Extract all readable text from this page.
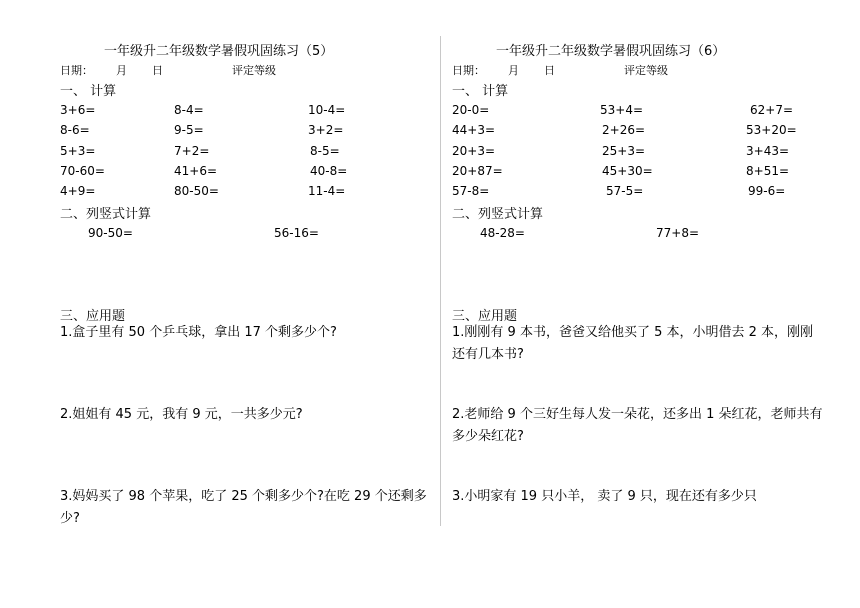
一年级升二年级数学暑假巩固练习（5）
日期： 月 日	评定等级
一、 计算
3+6=	8-4=	10-4=
8-6=	9-5=	3+2=
5+3=	7+2=	8-5=
70-60=	41+6=	40-8=
4+9=	80-50=	11-4=
二、列竖式计算
90-50=	56-16=
三、应用题
1.盒子里有 50 个乒乓球，拿出 17 个剩多少个?
2.姐姐有 45 元，我有 9 元，一共多少元?
3.妈妈买了 98 个苹果，吃了 25 个剩多少个?在吃 29 个还剩多少?
一年级升二年级数学暑假巩固练习（6）
日期： 月 日	评定等级
一、 计算
20-0=	53+4=	62+7=
44+3=	2+26=	53+20=
20+3=	25+3=	3+43=
20+87=	45+30=	8+51=
57-8=	57-5=	99-6=
二、列竖式计算
48-28=	77+8=
三、应用题
1.刚刚有 9 本书，爸爸又给他买了 5 本，小明借去 2 本，刚刚还有几本书?
2.老师给 9 个三好生每人发一朵花，还多出 1 朵红花，老师共有多少朵红花?
3.小明家有 19 只小羊， 卖了 9 只，现在还有多少只
